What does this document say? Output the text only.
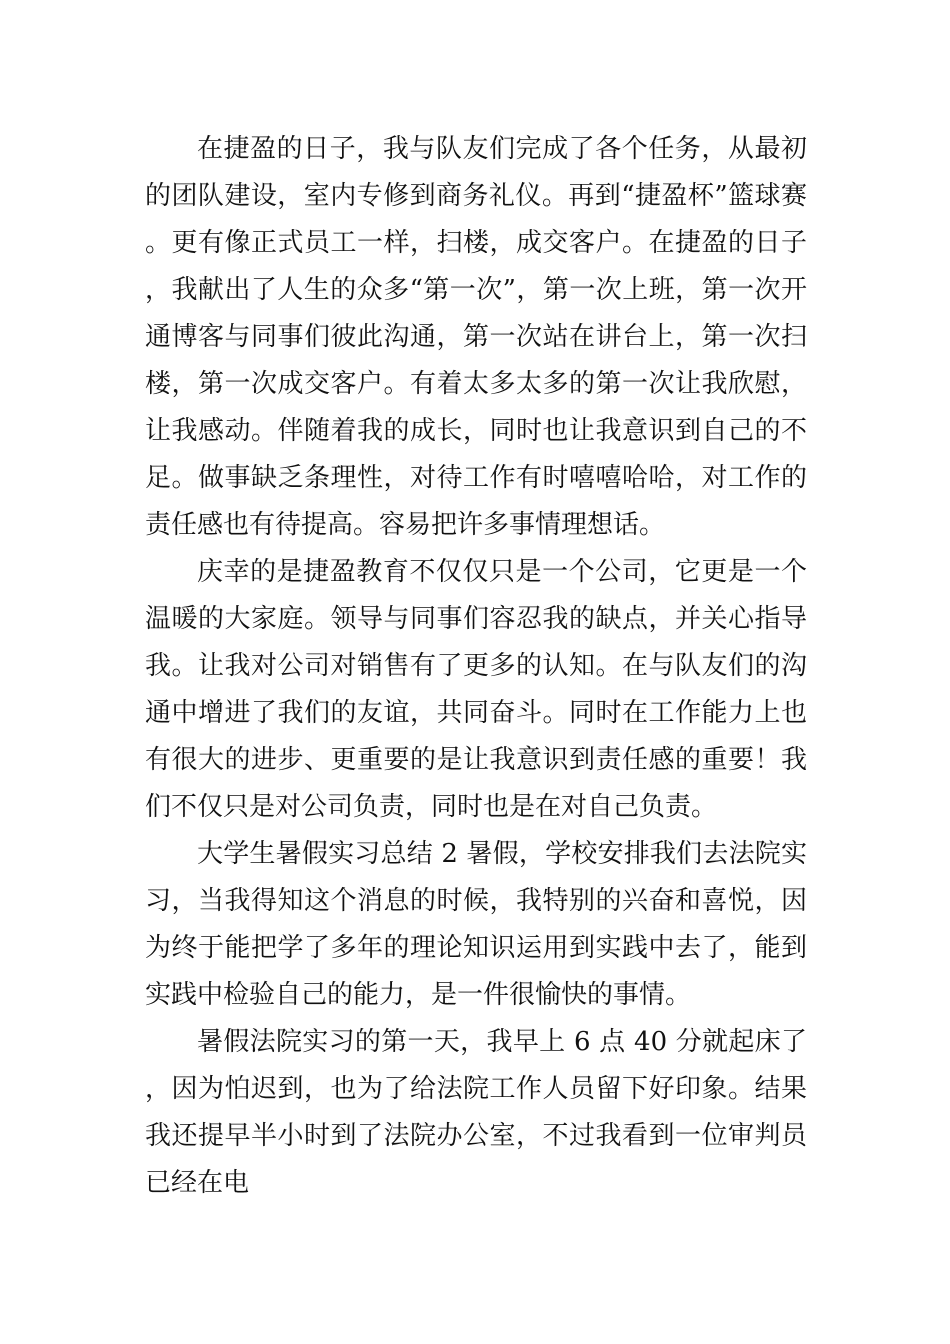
在捷盈的日子，我与队友们完成了各个任务，从最初的团队建设，室内专修到商务礼仪。再到“捷盈杯”篮球赛。更有像正式员工一样，扫楼，成交客户。在捷盈的日子，我献出了人生的众多“第一次”，第一次上班，第一次开通博客与同事们彼此沟通，第一次站在讲台上，第一次扫楼，第一次成交客户。有着太多太多的第一次让我欣慰，让我感动。伴随着我的成长，同时也让我意识到自己的不足。做事缺乏条理性，对待工作有时嘻嘻哈哈，对工作的责任感也有待提高。容易把许多事情理想话。

庆幸的是捷盈教育不仅仅只是一个公司，它更是一个温暖的大家庭。领导与同事们容忍我的缺点，并关心指导我。让我对公司对销售有了更多的认知。在与队友们的沟通中增进了我们的友谊，共同奋斗。同时在工作能力上也有很大的进步、更重要的是让我意识到责任感的重要！我们不仅只是对公司负责，同时也是在对自己负责。

大学生暑假实习总结 2 暑假，学校安排我们去法院实习，当我得知这个消息的时候，我特别的兴奋和喜悦，因为终于能把学了多年的理论知识运用到实践中去了，能到实践中检验自己的能力，是一件很愉快的事情。

暑假法院实习的第一天，我早上 6 点 40 分就起床了，因为怕迟到，也为了给法院工作人员留下好印象。结果我还提早半小时到了法院办公室，不过我看到一位审判员已经在电
